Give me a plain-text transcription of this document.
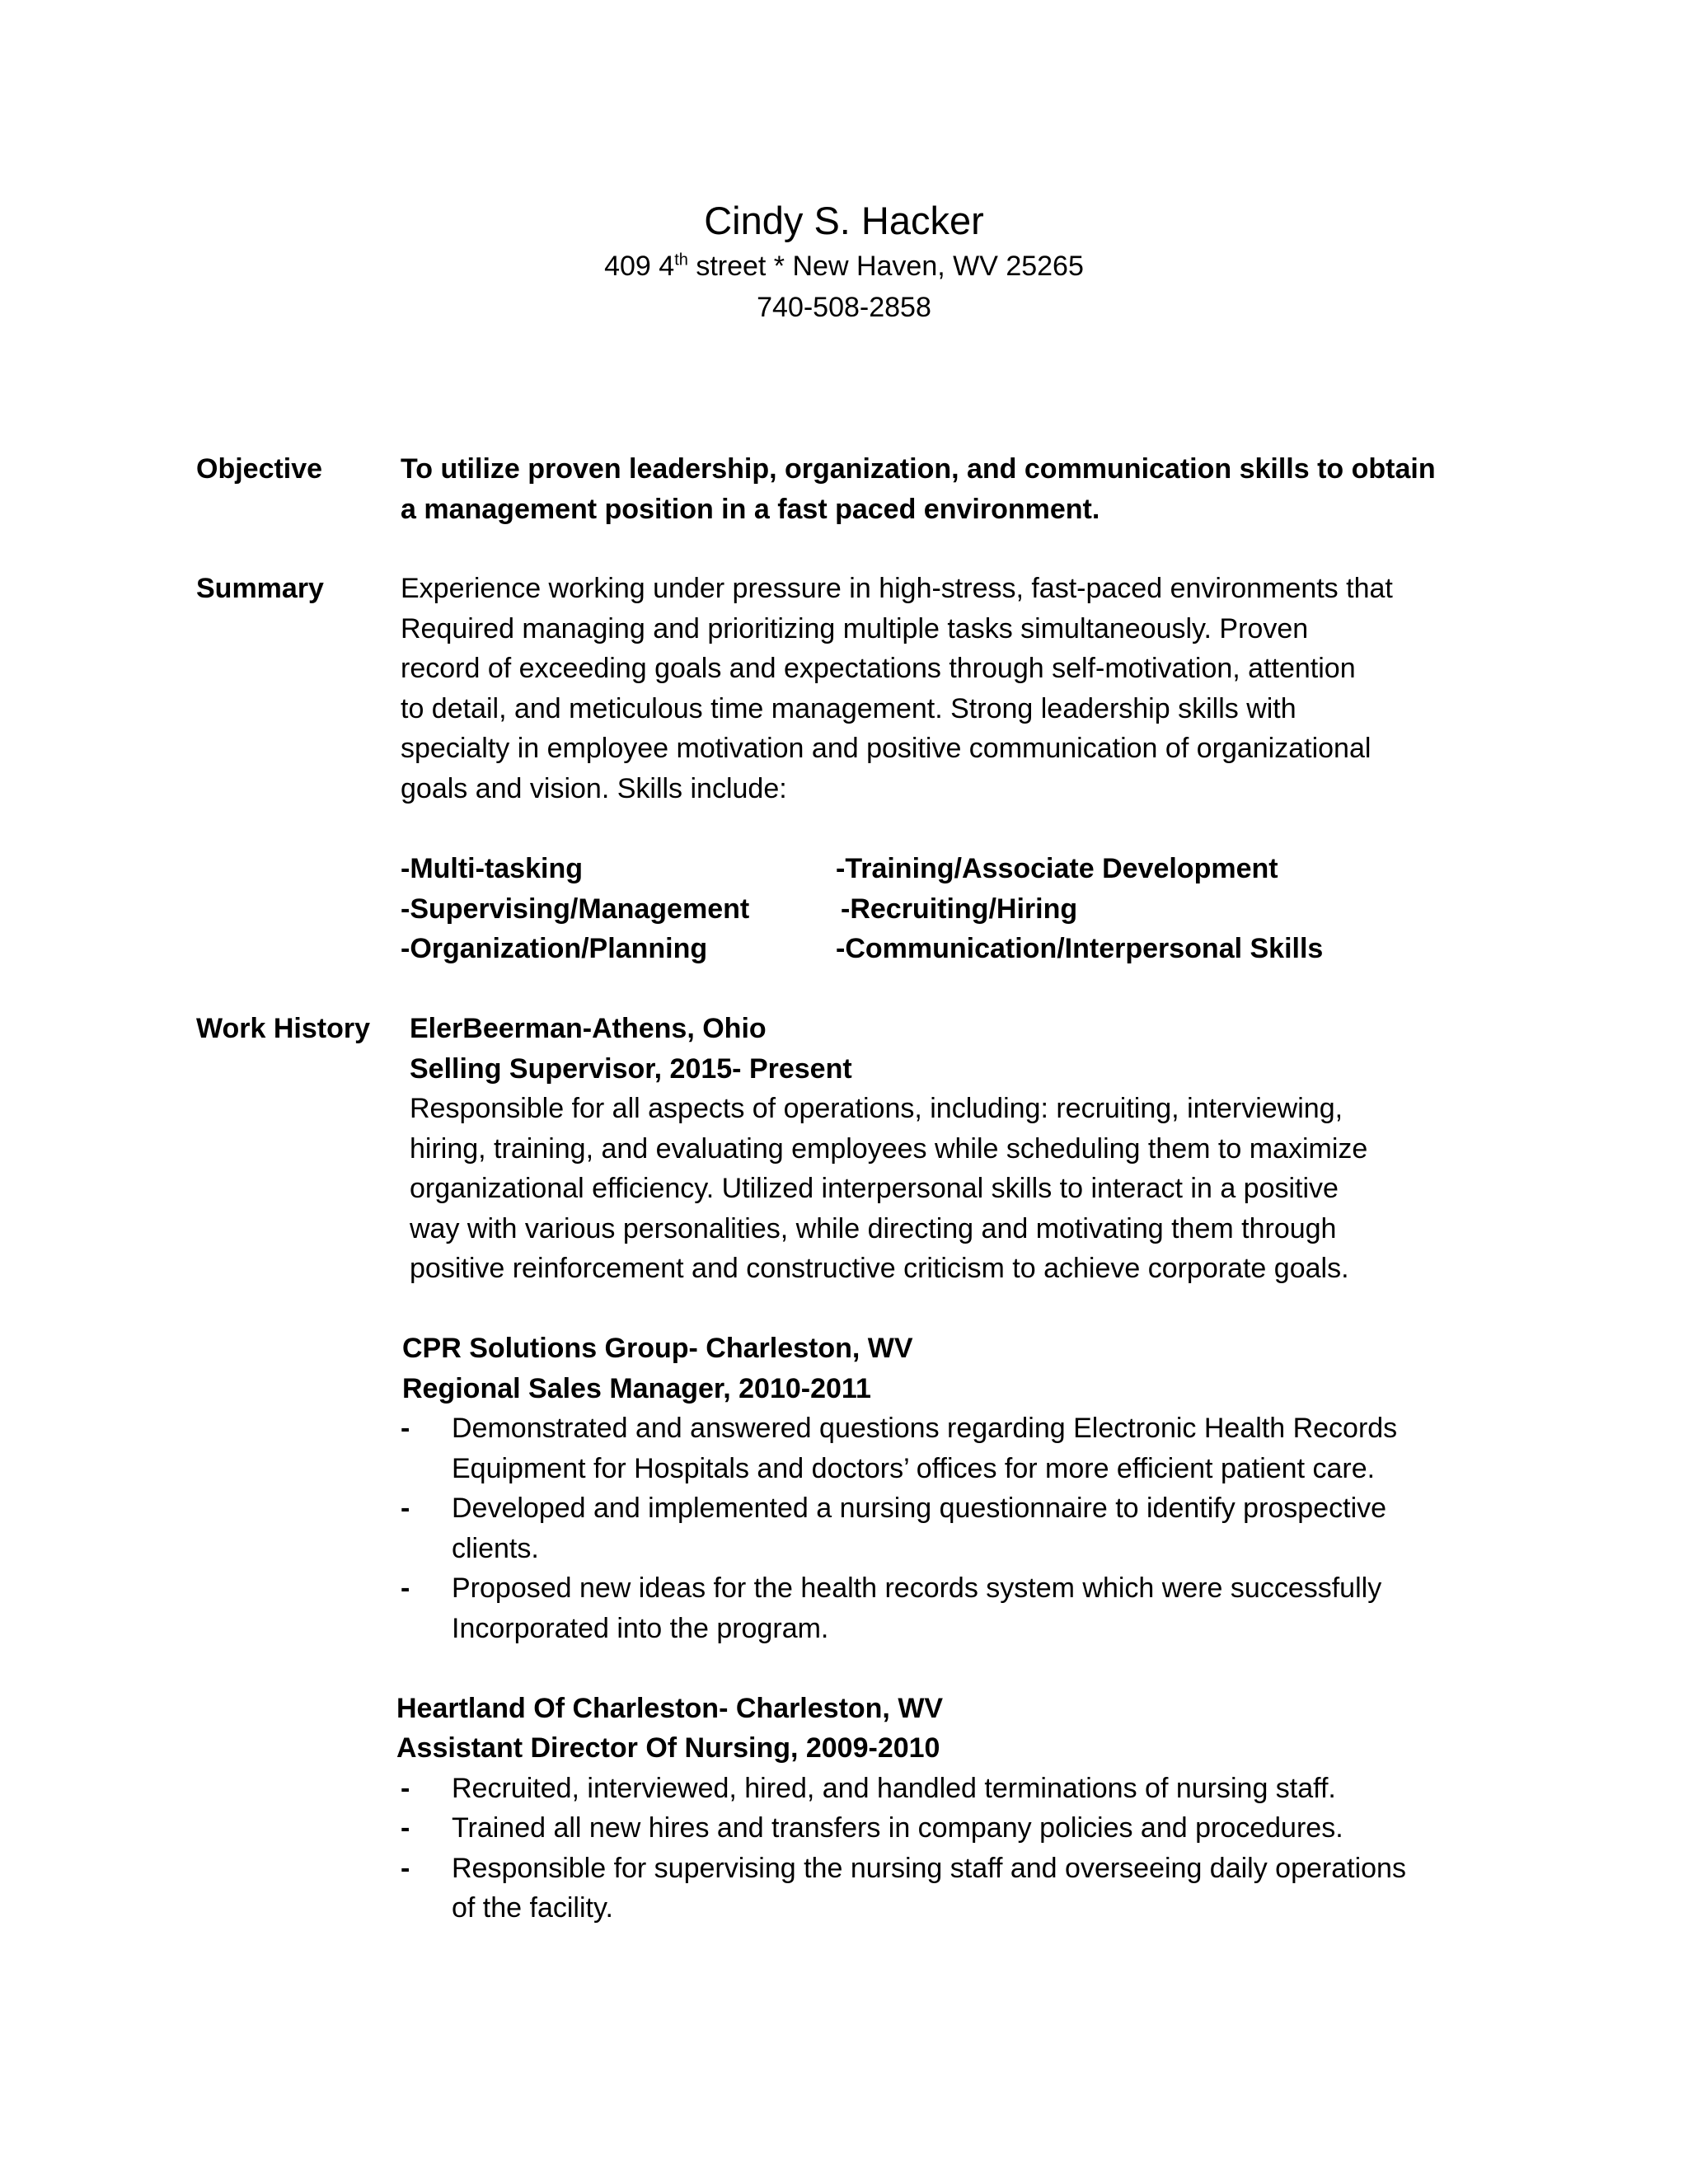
Cindy S. Hacker
409 4th street * New Haven, WV 25265
740-508-2858
Objective	To utilize proven leadership, organization, and communication skills to obtain
a management position in a fast paced environment.
Summary	Experience working under pressure in high-stress, fast-paced environments that
Required managing and prioritizing multiple tasks simultaneously. Proven
record of exceeding goals and expectations through self-motivation, attention
to detail, and meticulous time management. Strong leadership skills with
specialty in employee motivation and positive communication of organizational
goals and vision. Skills include:
-Multi-tasking	-Training/Associate Development
-Supervising/Management	-Recruiting/Hiring
-Organization/Planning	-Communication/Interpersonal Skills
Work History ElerBeerman-Athens, Ohio
Selling Supervisor, 2015- Present
Responsible for all aspects of operations, including: recruiting, interviewing,
hiring, training, and evaluating employees while scheduling them to maximize
organizational efficiency. Utilized interpersonal skills to interact in a positive
way with various personalities, while directing and motivating them through
positive reinforcement and constructive criticism to achieve corporate goals.
CPR Solutions Group- Charleston, WV
Regional Sales Manager, 2010-2011
- Demonstrated and answered questions regarding Electronic Health Records
Equipment for Hospitals and doctors’ offices for more efficient patient care.
- Developed and implemented a nursing questionnaire to identify prospective
clients.
- Proposed new ideas for the health records system which were successfully
Incorporated into the program.
Heartland Of Charleston- Charleston, WV
Assistant Director Of Nursing, 2009-2010
- Recruited, interviewed, hired, and handled terminations of nursing staff.
- Trained all new hires and transfers in company policies and procedures.
- Responsible for supervising the nursing staff and overseeing daily operations
of the facility.
